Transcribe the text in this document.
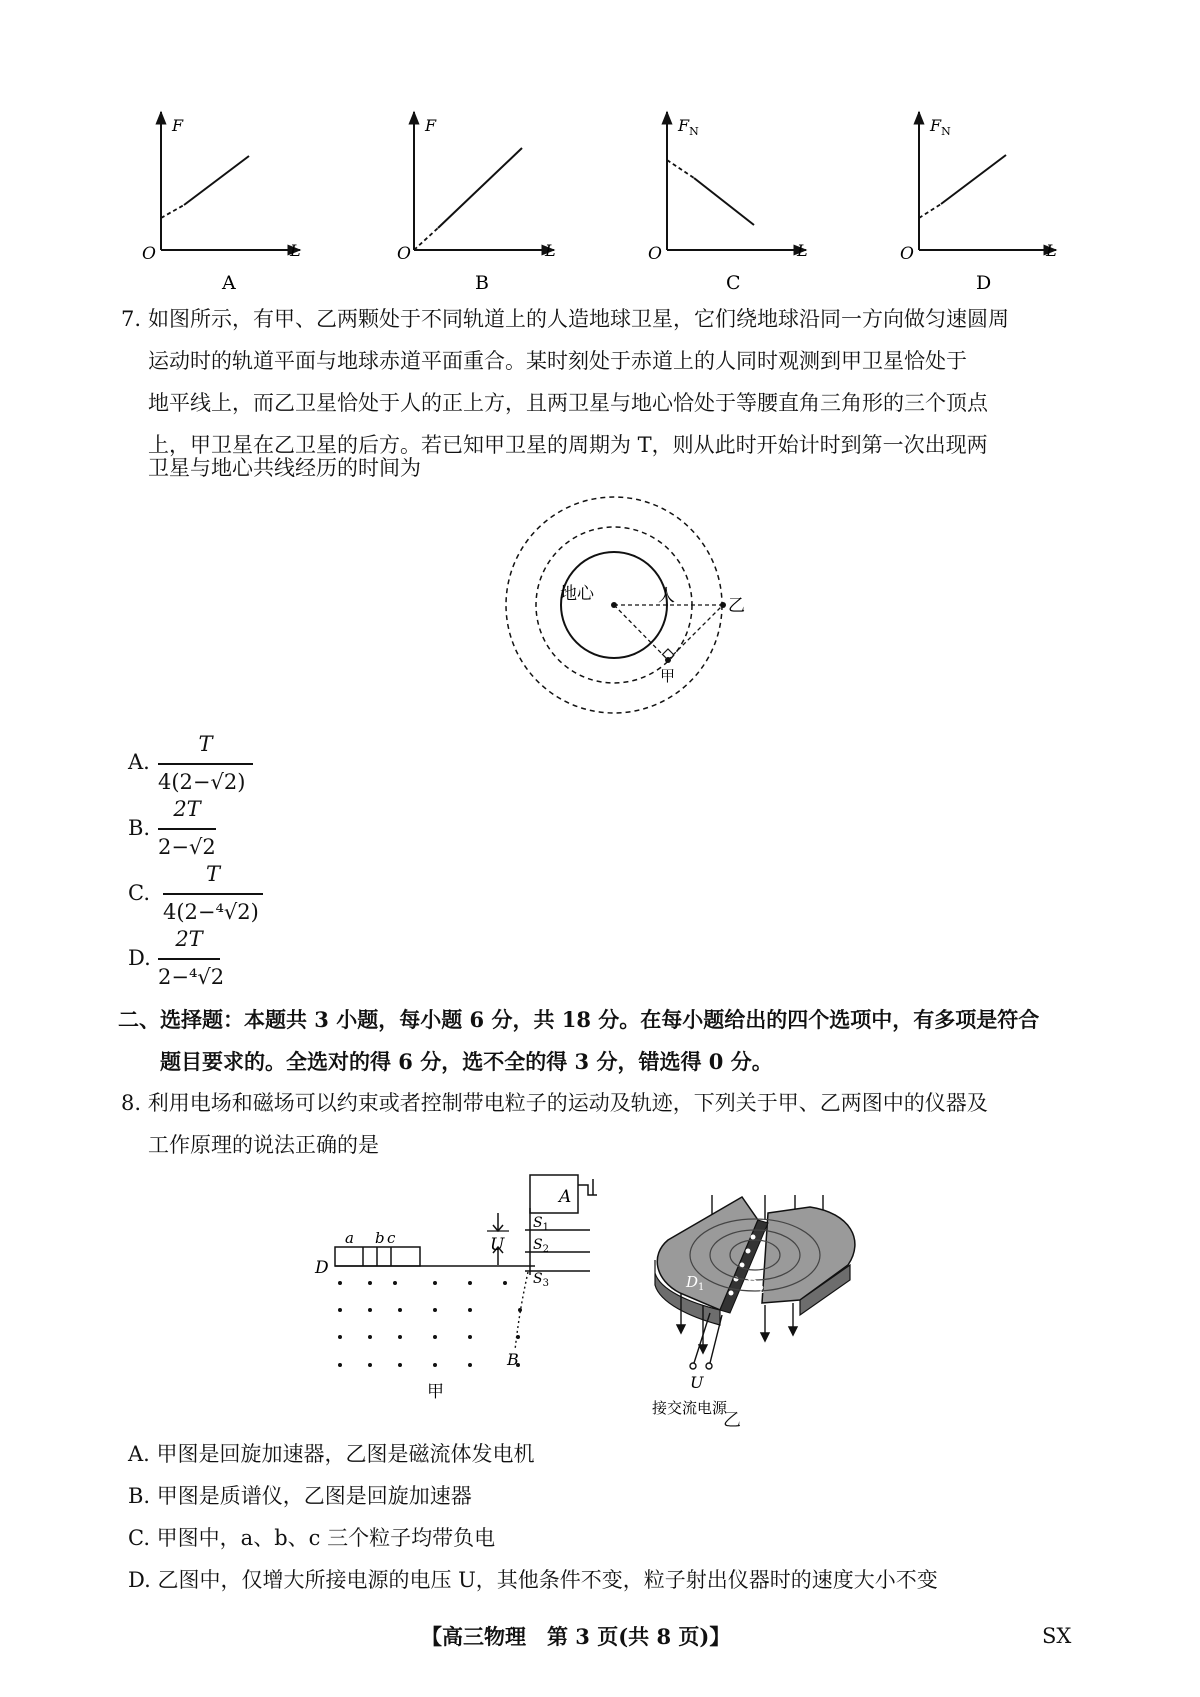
F
L
O
A
F
L
O
B
$F_N$
L
O
C
$F_N$
L
O
D
7. 如图所示，有甲、乙两颗处于不同轨道上的人造地球卫星，它们绕地球沿同一方向做匀速圆周
运动时的轨道平面与地球赤道平面重合。某时刻处于赤道上的人同时观测到甲卫星恰处于
地平线上，而乙卫星恰处于人的正上方，且两卫星与地心恰处于等腰直角三角形的三个顶点
上，甲卫星在乙卫星的后方。若已知甲卫星的周期为 T，则从此时开始计时到第一次出现两
卫星与地心共线经历的时间为
地心	人	乙
甲
A.
T
4(2−√2)
B.
2T
2−√2
C.
T
4(2−⁴√2)
D.
2T
2−⁴√2
二、选择题：本题共 3 小题，每小题 6 分，共 18 分。在每小题给出的四个选项中，有多项是符合
题目要求的。全选对的得 6 分，选不全的得 3 分，错选得 0 分。
8. 利用电场和磁场可以约束或者控制带电粒子的运动及轨迹，下列关于甲、乙两图中的仪器及
工作原理的说法正确的是
A
U
$S_1$
$S_2$
$S_3$
a b c
D
B
甲
$D_1$	$D_2$
U
接交流电源
乙
A. 甲图是回旋加速器，乙图是磁流体发电机
B. 甲图是质谱仪，乙图是回旋加速器
C. 甲图中，a、b、c 三个粒子均带负电
D. 乙图中，仅增大所接电源的电压 U，其他条件不变，粒子射出仪器时的速度大小不变
【高三物理　第 3 页(共 8 页)】	SX
